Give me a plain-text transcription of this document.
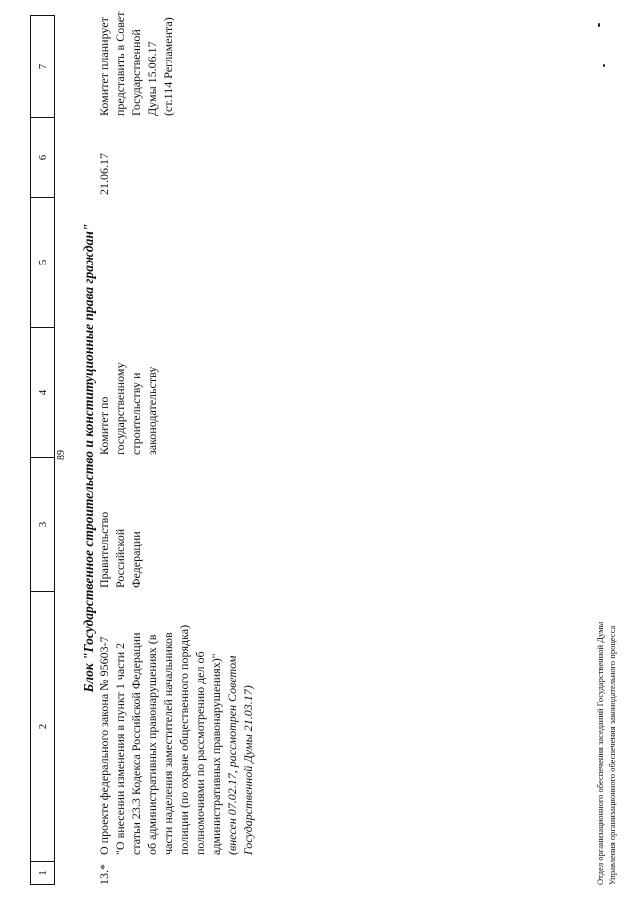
1
2
3
4
5
6
7
89 Блок "Государственное строительство и конституционные права граждан"
13.*
О проекте федерального закона № 95603-7 "О внесении изменения в пункт 1 части 2 статьи 23.3 Кодекса Российской Федерации об административных правонарушениях (в части наделения заместителей начальников полиции (по охране общественного порядка) полномочиями по рассмотрению дел об административных правонарушениях)" (внесен 07.02.17, рассмотрен Советом Государственной Думы 21.03.17)
Правительство Российской Федерации
Комитет по государственному строительству и законодательству
21.06.17
Комитет планирует представить в Совет Государственной Думы 15.06.17 (ст.114 Регламента)
Отдел организационного обеспечения заседаний Государственной Думы Управления организационного обеспечения законодательного процесса
